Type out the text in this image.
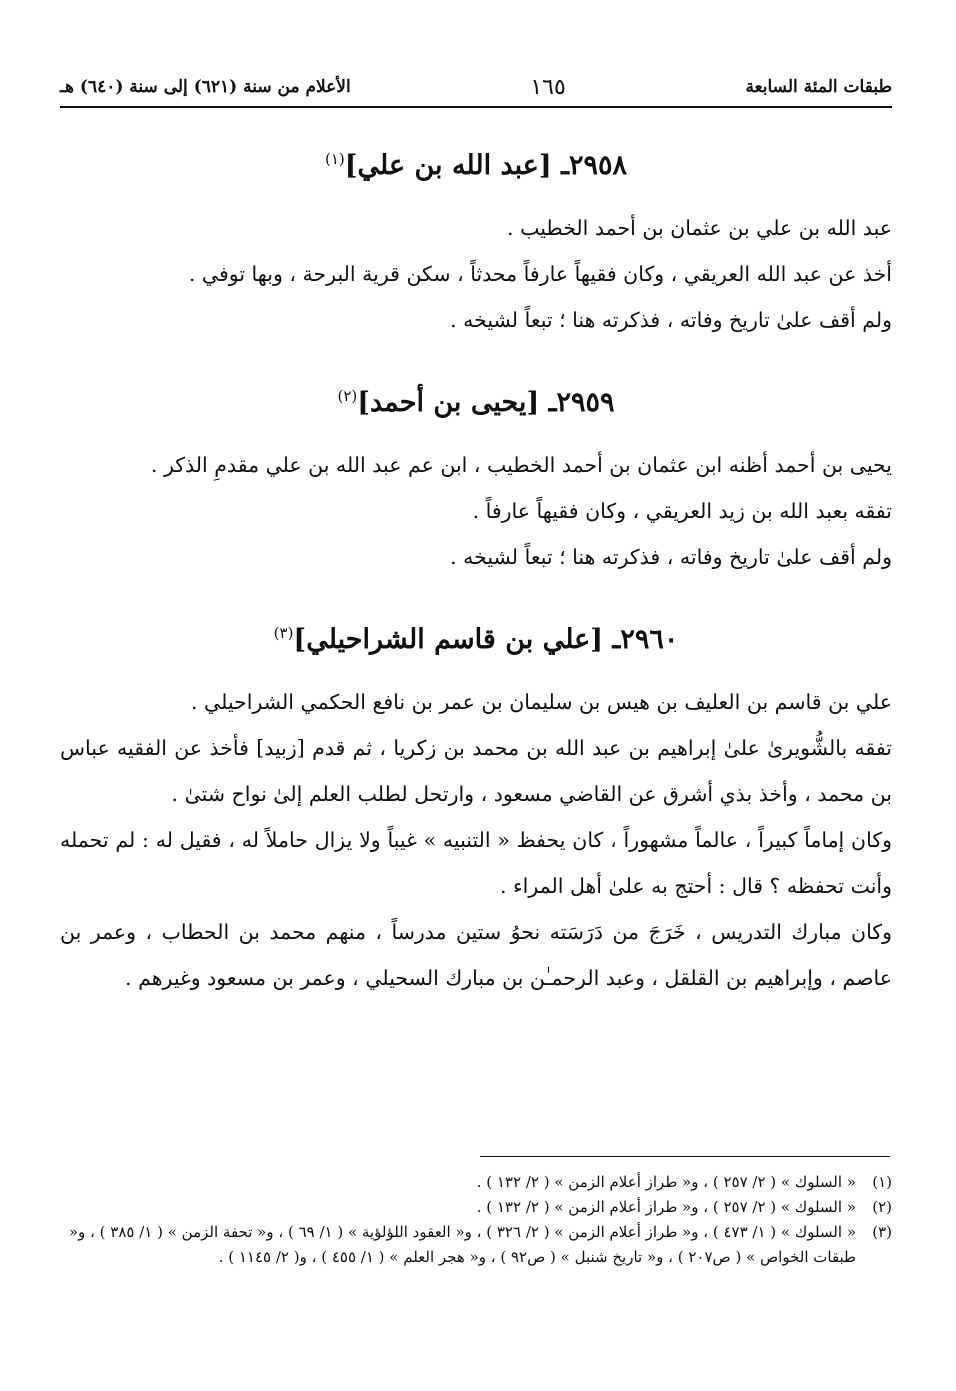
طبقات المئة السابعة
١٦٥
الأعلام من سنة (٦٢١) إلى سنة (٦٤٠) هـ
٢٩٥٨ـ [عبد الله بن علي]$^{(١)}$

عبد الله بن علي بن عثمان بن أحمد الخطيب .

أخذ عن عبد الله العريقي ، وكان فقيهاً عارفاً محدثاً ، سكن قرية البرحة ، وبها توفي .

ولم أقف علىٰ تاريخ وفاته ، فذكرته هنا ؛ تبعاً لشيخه .

٢٩٥٩ـ [يحيى بن أحمد]$^{(٢)}$

يحيى بن أحمد أظنه ابن عثمان بن أحمد الخطيب ، ابن عم عبد الله بن علي مقدمِ الذكر .

تفقه بعبد الله بن زيد العريقي ، وكان فقيهاً عارفاً .

ولم أقف علىٰ تاريخ وفاته ، فذكرته هنا ؛ تبعاً لشيخه .

٢٩٦٠ـ [علي بن قاسم الشراحيلي]$^{(٣)}$

علي بن قاسم بن العليف بن هيس بن سليمان بن عمر بن نافع الحكمي الشراحيلي .

تفقه بالشُّويرىٰ علىٰ إبراهيم بن عبد الله بن محمد بن زكريا ، ثم قدم [زبيد] فأخذ عن الفقيه عباس بن محمد ، وأخذ بذي أشرق عن القاضي مسعود ، وارتحل لطلب العلم إلىٰ نواح شتىٰ .

وكان إماماً كبيراً ، عالماً مشهوراً ، كان يحفظ « التنبيه » غيباً ولا يزال حاملاً له ، فقيل له : لم تحمله وأنت تحفظه ؟ قال : أحتج به علىٰ أهل المراء .

وكان مبارك التدريس ، خَرَجَ من دَرَسَته نحوُ ستين مدرساً ، منهم محمد بن الحطاب ، وعمر بن عاصم ، وإبراهيم بن القلقل ، وعبد الرحمـٰن بن مبارك السحيلي ، وعمر بن مسعود وغيرهم .

(١)
« السلوك » ( ٢/ ٢٥٧ ) ، و« طراز أعلام الزمن » ( ٢/ ١٣٢ ) .
(٢)
« السلوك » ( ٢/ ٢٥٧ ) ، و« طراز أعلام الزمن » ( ٢/ ١٣٢ ) .
(٣)
« السلوك » ( ١/ ٤٧٣ ) ، و« طراز أعلام الزمن » ( ٢/ ٣٢٦ ) ، و« العقود اللؤلؤية » ( ١/ ٦٩ ) ، و« تحفة الزمن » ( ١/ ٣٨٥ ) ، و« طبقات الخواص » ( ص٢٠٧ ) ، و« تاريخ شنبل » ( ص٩٢ ) ، و« هجر العلم » ( ١/ ٤٥٥ ) ، و( ٢/ ١١٤٥ ) .
